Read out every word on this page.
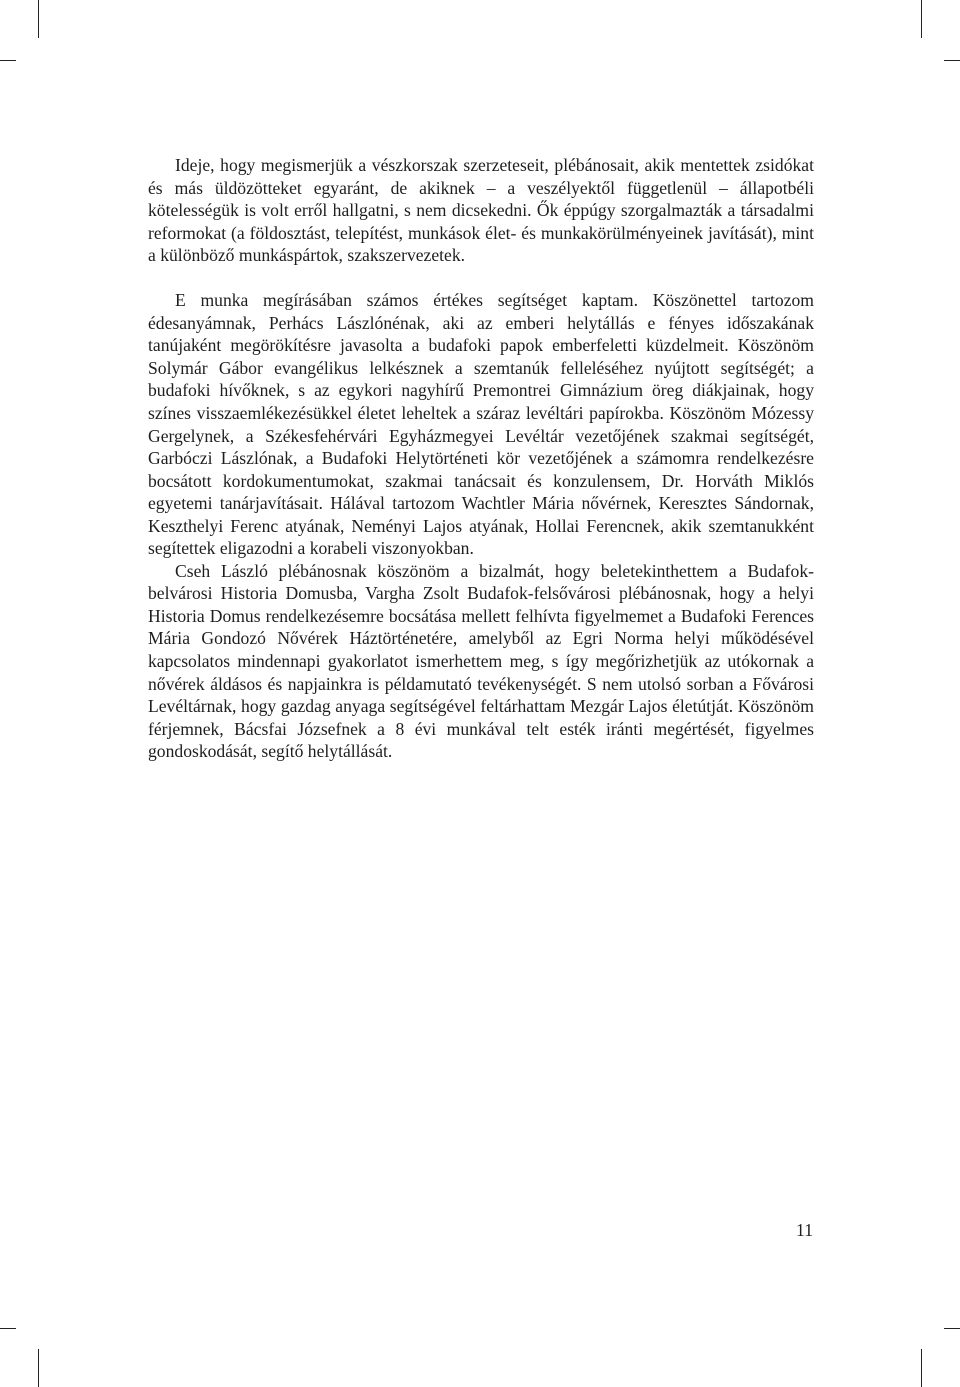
Ideje, hogy megismerjük a vészkorszak szerzeteseit, plébánosait, akik mentettek zsidókat és más üldözötteket egyaránt, de akiknek – a veszélyektől függetlenül – állapotbéli kötelességük is volt erről hallgatni, s nem dicsekedni. Ők éppúgy szorgalmazták a társadalmi reformokat (a földosztást, telepítést, munkások élet- és munkakörülményeinek javítását), mint a különböző munkáspártok, szakszervezetek.

E munka megírásában számos értékes segítséget kaptam. Köszönettel tartozom édesanyámnak, Perhács Lászlónénak, aki az emberi helytállás e fényes időszakának tanújaként megörökítésre javasolta a budafoki papok emberfeletti küzdelmeit. Köszönöm Solymár Gábor evangélikus lelkésznek a szemtanúk felleléséhez nyújtott segítségét; a budafoki hívőknek, s az egykori nagyhírű Premontrei Gimnázium öreg diákjainak, hogy színes visszaemlékezésükkel életet leheltek a száraz levéltári papírokba. Köszönöm Mózessy Gergelynek, a Székesfehérvári Egyházmegyei Levéltár vezetőjének szakmai segítségét, Garbóczi Lászlónak, a Budafoki Helytörténeti kör vezetőjének a számomra rendelkezésre bocsátott kordokumentumokat, szakmai tanácsait és konzulensem, Dr. Horváth Miklós egyetemi tanárjavításait. Hálával tartozom Wachtler Mária nővérnek, Keresztes Sándornak, Keszthelyi Ferenc atyának, Neményi Lajos atyának, Hollai Ferencnek, akik szemtanukként segítettek eligazodni a korabeli viszonyokban.

Cseh László plébánosnak köszönöm a bizalmát, hogy beletekinthettem a Budafok- belvárosi Historia Domusba, Vargha Zsolt Budafok-felsővárosi plébánosnak, hogy a helyi Historia Domus rendelkezésemre bocsátása mellett felhívta figyelmemet a Budafoki Ferences Mária Gondozó Nővérek Háztörténetére, amelyből az Egri Norma helyi működésével kapcsolatos mindennapi gyakorlatot ismerhettem meg, s így megőrizhetjük az utókornak a nővérek áldásos és napjainkra is példamutató tevékenységét. S nem utolsó sorban a Fővárosi Levéltárnak, hogy gazdag anyaga segítségével feltárhattam Mezgár Lajos életútját. Köszönöm férjemnek, Bácsfai Józsefnek a 8 évi munkával telt esték iránti megértését, figyelmes gondoskodását, segítő helytállását.

11
